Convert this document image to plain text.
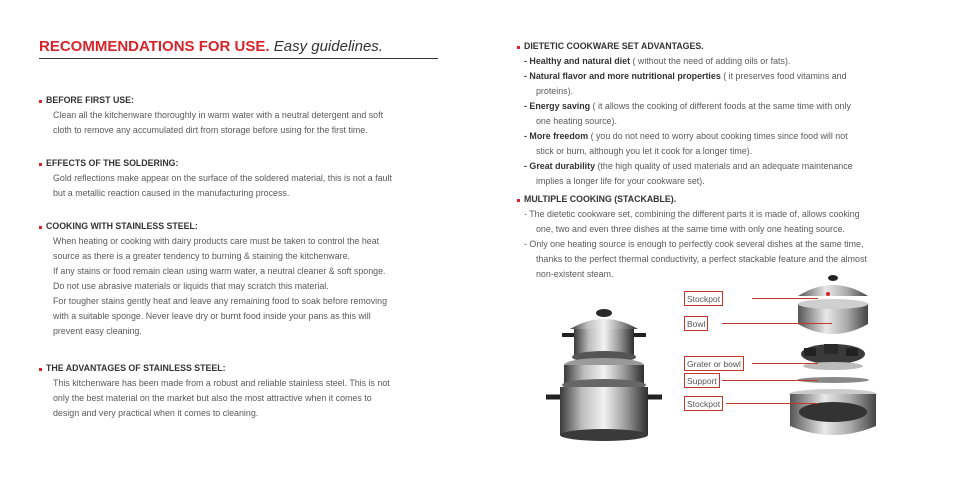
RECOMMENDATIONS FOR USE. Easy guidelines.
BEFORE FIRST USE:

Clean all the kitchenware thoroughly in warm water with a neutral detergent and soft

cloth to remove any accumulated dirt from storage before using for the first time.

EFFECTS OF THE SOLDERING:

Gold reflections make appear on the surface of the soldered material, this is not a fault

but a metallic reaction caused in the manufacturing process.

COOKING WITH STAINLESS STEEL:

When heating or cooking with dairy products care must be taken to control the heat

source as there is a greater tendency to burning & staining the kitchenware.

If any stains or food remain clean using warm water, a neutral cleaner & soft sponge.

Do not use abrasive materials or liquids that may scratch this material.

For tougher stains gently heat and leave any remaining food to soak before removing

with a suitable sponge. Never leave dry or burnt food inside your pans as this will

prevent easy cleaning.

THE ADVANTAGES OF STAINLESS STEEL:

This kitchenware has been made from a robust and reliable stainless steel. This is not

only the best material on the market but also the most attractive when it comes to

design and very practical when it comes to cleaning.

DIETETIC COOKWARE SET ADVANTAGES.
- Healthy and natural diet ( without the need of adding oils or fats).
- Natural flavor and more nutritional properties ( it preserves food vitamins and
proteins).
- Energy saving ( it allows the cooking of different foods at the same time with only
one heating source).
- More freedom ( you do not need to worry about cooking times since food will not
stick or burn, although you let it cook for a longer time).
- Great durability (the high quality of used materials and an adequate maintenance
implies a longer life for your cookware set).
MULTIPLE COOKING (STACKABLE).
- The dietetic cookware set, combining the different parts it is made of, allows cooking
one, two and even three dishes at the same time with only one heating source.
- Only one heating source is enough to perfectly cook several dishes at the same time,
thanks to the perfect thermal conductivity, a perfect stackable feature and the almost
non-existent steam.
Stockpot
Bowl
Grater or bowl
Support
Stockpot
